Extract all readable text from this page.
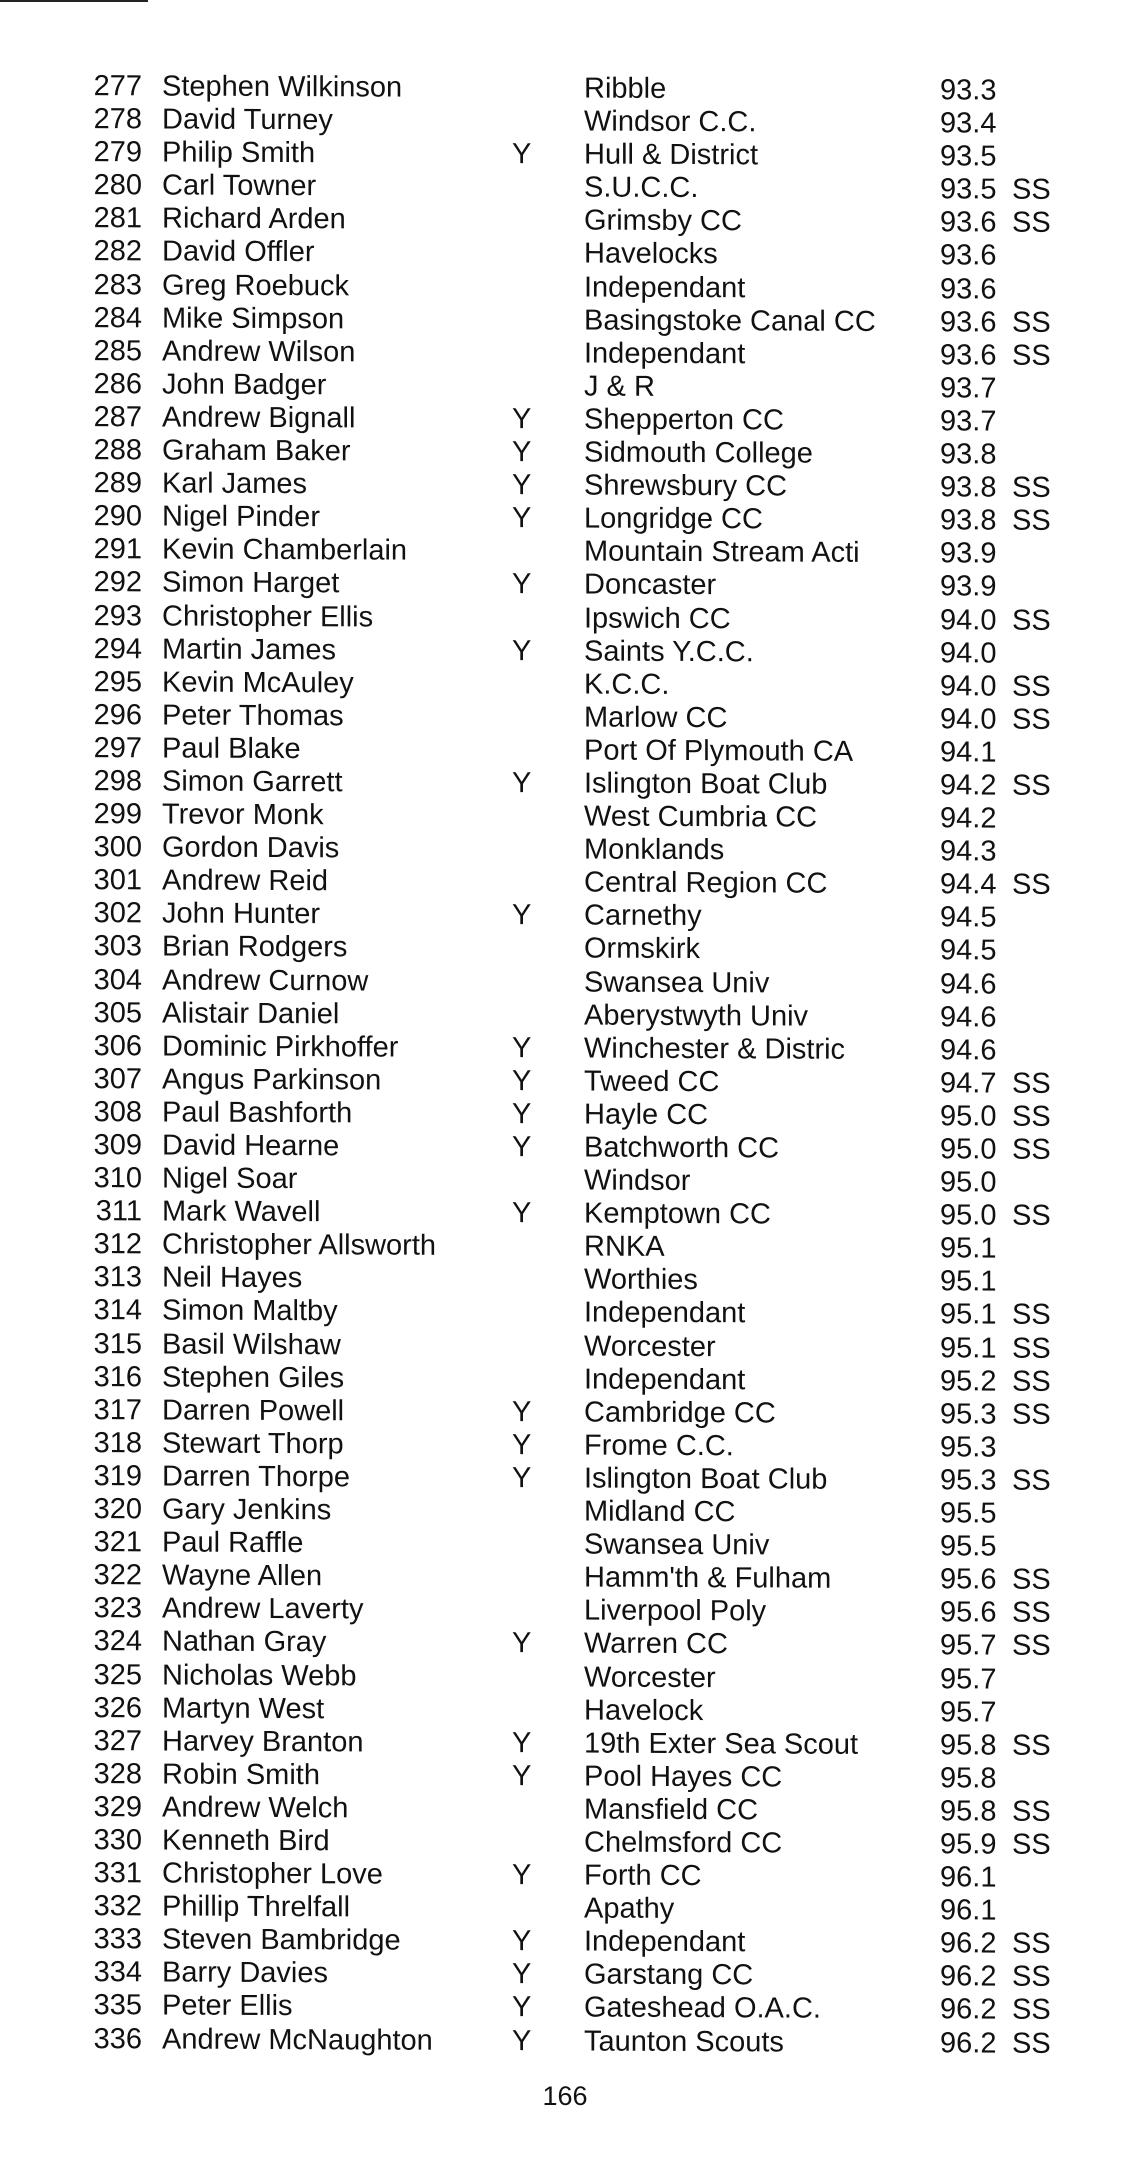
277 Stephen Wilkinson	Ribble	93.3
278 David Turney	Windsor C.C.	93.4
279 Philip Smith	Y Hull & District	93.5
280 Carl Towner	S.U.C.C.	93.5 SS
281 Richard Arden	Grimsby CC	93.6 SS
282 David Offler	Havelocks	93.6
283 Greg Roebuck	Independant	93.6
284 Mike Simpson	Basingstoke Canal CC 93.6 SS
285 Andrew Wilson	Independant	93.6 SS
286 John Badger	J & R	93.7
287 Andrew Bignall	Y Shepperton CC	93.7
288 Graham Baker	Y Sidmouth College	93.8
289 Karl James	Y Shrewsbury CC	93.8 SS
290 Nigel Pinder	Y Longridge CC	93.8 SS
291 Kevin Chamberlain	Mountain Stream Acti	93.9
292 Simon Harget	Y Doncaster	93.9
293 Christopher Ellis	Ipswich CC	94.0 SS
294 Martin James	Y Saints Y.C.C.	94.0
295 Kevin McAuley	K.C.C.	94.0 SS
296 Peter Thomas	Marlow CC	94.0 SS
297 Paul Blake	Port Of Plymouth CA	94.1
298 Simon Garrett	Y Islington Boat Club	94.2 SS
299 Trevor Monk	West Cumbria CC	94.2
300 Gordon Davis	Monklands	94.3
301 Andrew Reid	Central Region CC	94.4 SS
302 John Hunter	Y Carnethy	94.5
303 Brian Rodgers	Ormskirk	94.5
304 Andrew Curnow	Swansea Univ	94.6
305 Alistair Daniel	Aberystwyth Univ	94.6
306 Dominic Pirkhoffer	Y Winchester & Distric	94.6
307 Angus Parkinson	Y Tweed CC	94.7 SS
308 Paul Bashforth	Y Hayle CC	95.0 SS
309 David Hearne	Y Batchworth CC	95.0 SS
310 Nigel Soar	Windsor	95.0
311 Mark Wavell	Y Kemptown CC	95.0 SS
312 Christopher Allsworth	RNKA	95.1
313 Neil Hayes	Worthies	95.1
314 Simon Maltby	Independant	95.1 SS
315 Basil Wilshaw	Worcester	95.1 SS
316 Stephen Giles	Independant	95.2 SS
317 Darren Powell	Y Cambridge CC	95.3 SS
318 Stewart Thorp	Y Frome C.C.	95.3
319 Darren Thorpe	Y Islington Boat Club	95.3 SS
320 Gary Jenkins	Midland CC	95.5
321 Paul Raffle	Swansea Univ	95.5
322 Wayne Allen	Hamm'th & Fulham	95.6 SS
323 Andrew Laverty	Liverpool Poly	95.6 SS
324 Nathan Gray	Y Warren CC	95.7 SS
325 Nicholas Webb	Worcester	95.7
326 Martyn West	Havelock	95.7
327 Harvey Branton	Y 19th Exter Sea Scout	95.8 SS
328 Robin Smith	Y Pool Hayes CC	95.8
329 Andrew Welch	Mansfield CC	95.8 SS
330 Kenneth Bird	Chelmsford CC	95.9 SS
331 Christopher Love	Y Forth CC	96.1
332 Phillip Threlfall	Apathy	96.1
333 Steven Bambridge	Y Independant	96.2 SS
334 Barry Davies	Y Garstang CC	96.2 SS
335 Peter Ellis	Y Gateshead O.A.C.	96.2 SS
336 Andrew McNaughton	Y Taunton Scouts	96.2 SS
166
